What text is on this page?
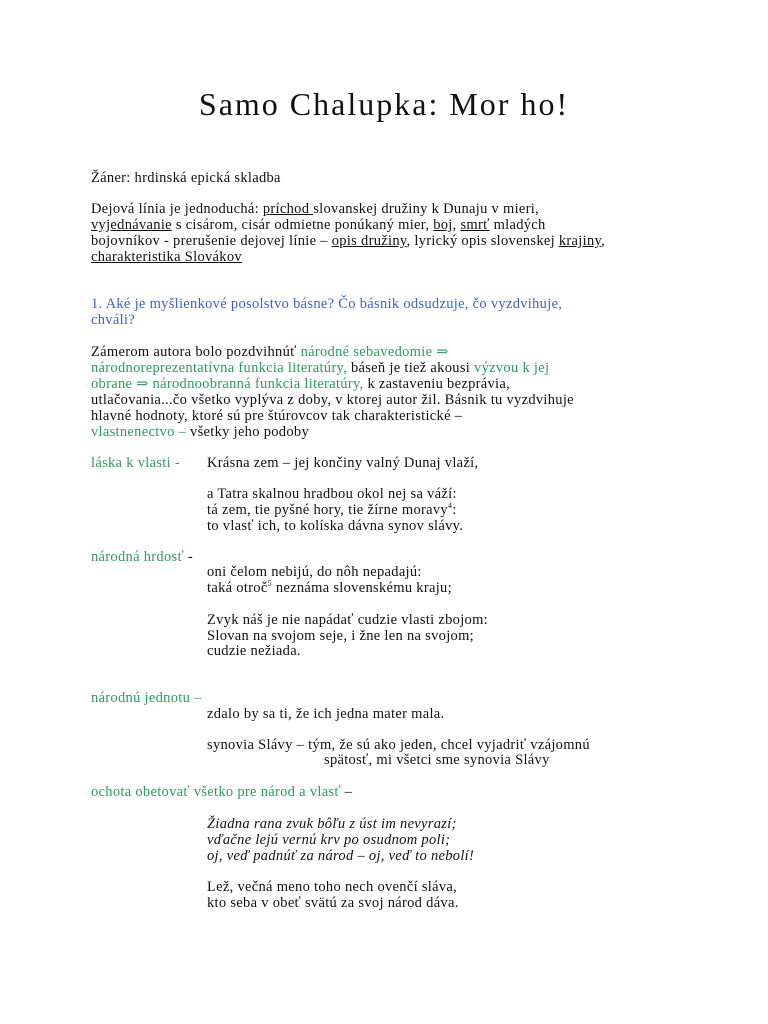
Samo Chalupka: Mor ho!
Žáner: hrdinská epická skladba
Dejová línia je jednoduchá: príchod slovanskej družiny k Dunaju v mieri,
vyjednávanie s cisárom, cisár odmietne ponúkaný mier, boj, smrť mladých
bojovníkov - prerušenie dejovej línie – opis družiny, lyrický opis slovenskej krajiny,
charakteristika Slovákov
1. Aké je myšlienkové posolstvo básne? Čo básnik odsudzuje, čo vyzdvihuje,
chváli?
Zámerom autora bolo pozdvihnúť národné sebavedomie ⇒
národnoreprezentatívna funkcia literatúry, báseň je tiež akousi výzvou k jej
obrane ⇒ národnoobranná funkcia literatúry, k zastaveniu bezprávia,
utlačovania...čo všetko vyplýva z doby, v ktorej autor žil. Básnik tu vyzdvihuje
hlavné hodnoty, ktoré sú pre štúrovcov tak charakteristické –
vlastnenectvo – všetky jeho podoby
láska k vlasti - Krásna zem – jej končiny valný Dunaj vlaží,
a Tatra skalnou hradbou okol nej sa váží:
tá zem, tie pyšné hory, tie žírne moravy$^4$:
to vlasť ich, to kolíska dávna synov slávy.
národná hrdosť -
oni čelom nebijú, do nôh nepadajú:
taká otroč$^5$ neznáma slovenskému kraju;
Zvyk náš je nie napádať cudzie vlasti zbojom:
Slovan na svojom seje, i žne len na svojom;
cudzie nežiada.
národnú jednotu –
zdalo by sa ti, že ich jedna mater mala.
synovia Slávy – tým, že sú ako jeden, chcel vyjadriť vzájomnú
spätosť, mi všetci sme synovia Slávy
ochota obetovať všetko pre národ a vlasť –
Žiadna rana zvuk bôľu z úst im nevyrazí;
vďačne lejú vernú krv po osudnom poli;
oj, veď padnúť za národ – oj, veď to nebolí!
Lež, večná meno toho nech ovenčí sláva,
kto seba v obeť svätú za svoj národ dáva.
